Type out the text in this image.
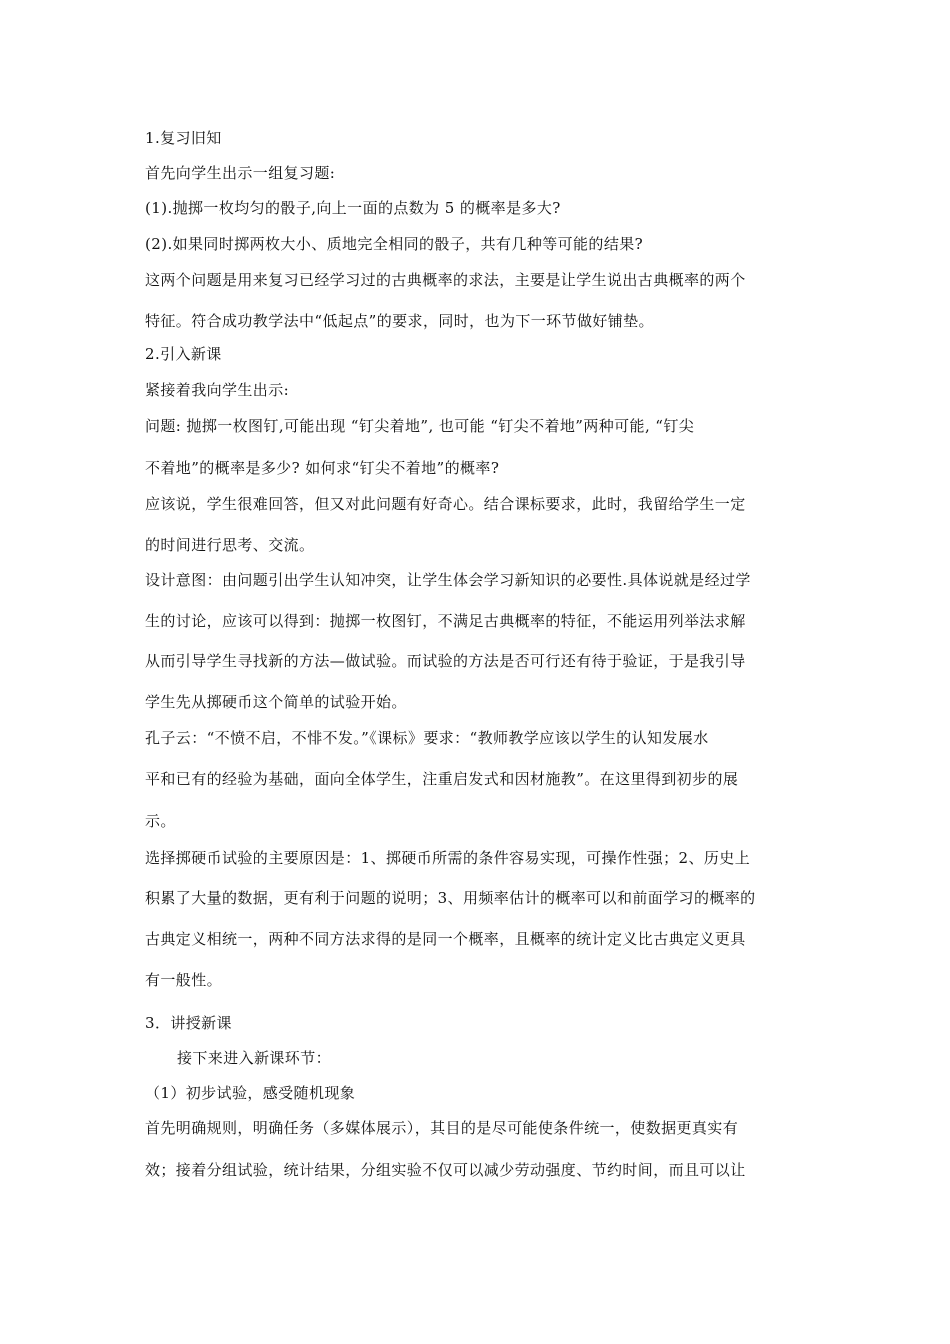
1.复习旧知
首先向学生出示一组复习题:
(1).抛掷一枚均匀的骰子,向上一面的点数为 5 的概率是多大?
(2).如果同时掷两枚大小、质地完全相同的骰子，共有几种等可能的结果?
这两个问题是用来复习已经学习过的古典概率的求法，主要是让学生说出古典概率的两个
特征。符合成功教学法中“低起点”的要求，同时，也为下一环节做好铺垫。
2.引入新课
紧接着我向学生出示:
问题: 抛掷一枚图钉,可能出现 “钉尖着地”, 也可能 “钉尖不着地”两种可能, “钉尖
不着地”的概率是多少? 如何求“钉尖不着地”的概率?
应该说，学生很难回答，但又对此问题有好奇心。结合课标要求，此时，我留给学生一定
的时间进行思考、交流。
设计意图：由问题引出学生认知冲突，让学生体会学习新知识的必要性.具体说就是经过学
生的讨论，应该可以得到：抛掷一枚图钉，不满足古典概率的特征，不能运用列举法求解
从而引导学生寻找新的方法—做试验。而试验的方法是否可行还有待于验证，于是我引导
学生先从掷硬币这个简单的试验开始。
孔子云：“不愤不启，不悱不发。”《课标》要求：“教师教学应该以学生的认知发展水
平和已有的经验为基础，面向全体学生，注重启发式和因材施教”。在这里得到初步的展
示。
选择掷硬币试验的主要原因是：1、掷硬币所需的条件容易实现，可操作性强；2、历史上
积累了大量的数据，更有利于问题的说明；3、用频率估计的概率可以和前面学习的概率的
古典定义相统一，两种不同方法求得的是同一个概率，且概率的统计定义比古典定义更具
有一般性。
3．讲授新课
接下来进入新课环节：
（1）初步试验，感受随机现象
首先明确规则，明确任务（多媒体展示），其目的是尽可能使条件统一，使数据更真实有
效；接着分组试验，统计结果，分组实验不仅可以减少劳动强度、节约时间，而且可以让
